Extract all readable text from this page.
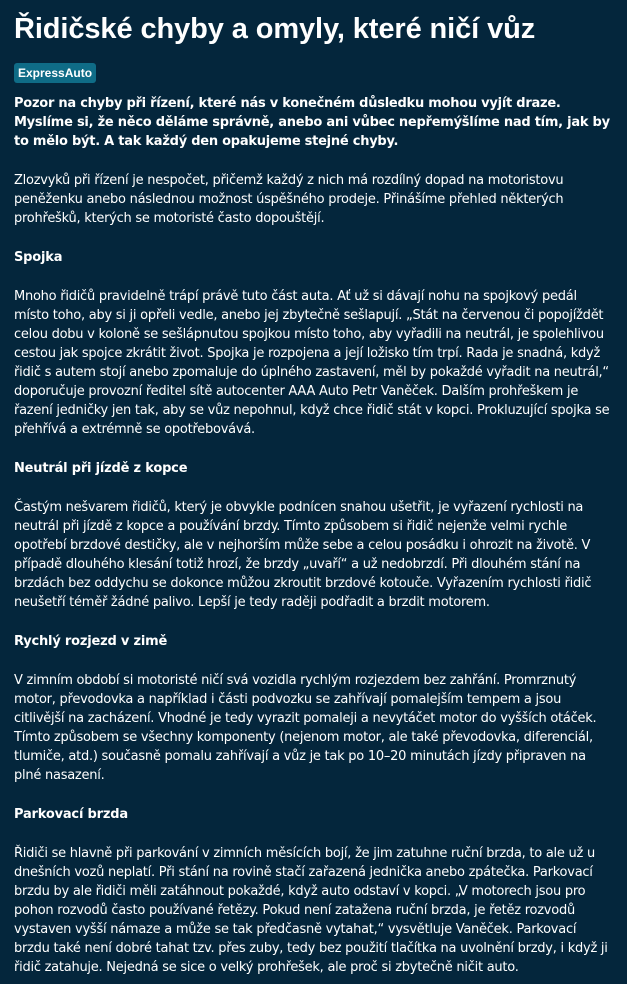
Řidičské chyby a omyly, které ničí vůz
ExpressAuto

Pozor na chyby při řízení, které nás v konečném důsledku mohou vyjít draze. Myslíme si, že něco děláme správně, anebo ani vůbec nepřemýšlíme nad tím, jak by to mělo být. A tak každý den opakujeme stejné chyby.

Zlozvyků při řízení je nespočet, přičemž každý z nich má rozdílný dopad na motoristovu peněženku anebo následnou možnost úspěšného prodeje. Přinášíme přehled některých prohřešků, kterých se motoristé často dopouštějí.

Spojka

Mnoho řidičů pravidelně trápí právě tuto část auta. Ať už si dávají nohu na spojkový pedál místo toho, aby si ji opřeli vedle, anebo jej zbytečně sešlapují. „Stát na červenou či popojíždět celou dobu v koloně se sešlápnutou spojkou místo toho, aby vyřadili na neutrál, je spolehlivou cestou jak spojce zkrátit život. Spojka je rozpojena a její ložisko tím trpí. Rada je snadná, když řidič s autem stojí anebo zpomaluje do úplného zastavení, měl by pokaždé vyřadit na neutrál,“ doporučuje provozní ředitel sítě autocenter AAA Auto Petr Vaněček. Dalším prohřeškem je řazení jedničky jen tak, aby se vůz nepohnul, když chce řidič stát v kopci. Prokluzující spojka se přehřívá a extrémně se opotřebovává.

Neutrál při jízdě z kopce

Častým nešvarem řidičů, který je obvykle podnícen snahou ušetřit, je vyřazení rychlosti na neutrál při jízdě z kopce a používání brzdy. Tímto způsobem si řidič nejenže velmi rychle opotřebí brzdové destičky, ale v nejhorším může sebe a celou posádku i ohrozit na životě. V případě dlouhého klesání totiž hrozí, že brzdy „uvaří“ a už nedobrzdí. Při dlouhém stání na brzdách bez oddychu se dokonce můžou zkroutit brzdové kotouče. Vyřazením rychlosti řidič neušetří téměř žádné palivo. Lepší je tedy raději podřadit a brzdit motorem.

Rychlý rozjezd v zimě

V zimním období si motoristé ničí svá vozidla rychlým rozjezdem bez zahřání. Promrznutý motor, převodovka a například i části podvozku se zahřívají pomalejším tempem a jsou citlivější na zacházení. Vhodné je tedy vyrazit pomaleji a nevytáčet motor do vyšších otáček. Tímto způsobem se všechny komponenty (nejenom motor, ale také převodovka, diferenciál, tlumiče, atd.) současně pomalu zahřívají a vůz je tak po 10–20 minutách jízdy připraven na plné nasazení.

Parkovací brzda

Řidiči se hlavně při parkování v zimních měsících bojí, že jim zatuhne ruční brzda, to ale už u dnešních vozů neplatí. Při stání na rovině stačí zařazená jednička anebo zpátečka. Parkovací brzdu by ale řidiči měli zatáhnout pokaždé, když auto odstaví v kopci. „V motorech jsou pro pohon rozvodů často používané řetězy. Pokud není zatažena ruční brzda, je řetěz rozvodů vystaven vyšší námaze a může se tak předčasně vytahat,“ vysvětluje Vaněček. Parkovací brzdu také není dobré tahat tzv. přes zuby, tedy bez použití tlačítka na uvolnění brzdy, i když ji řidič zatahuje. Nejedná se sice o velký prohřešek, ale proč si zbytečně ničit auto.
